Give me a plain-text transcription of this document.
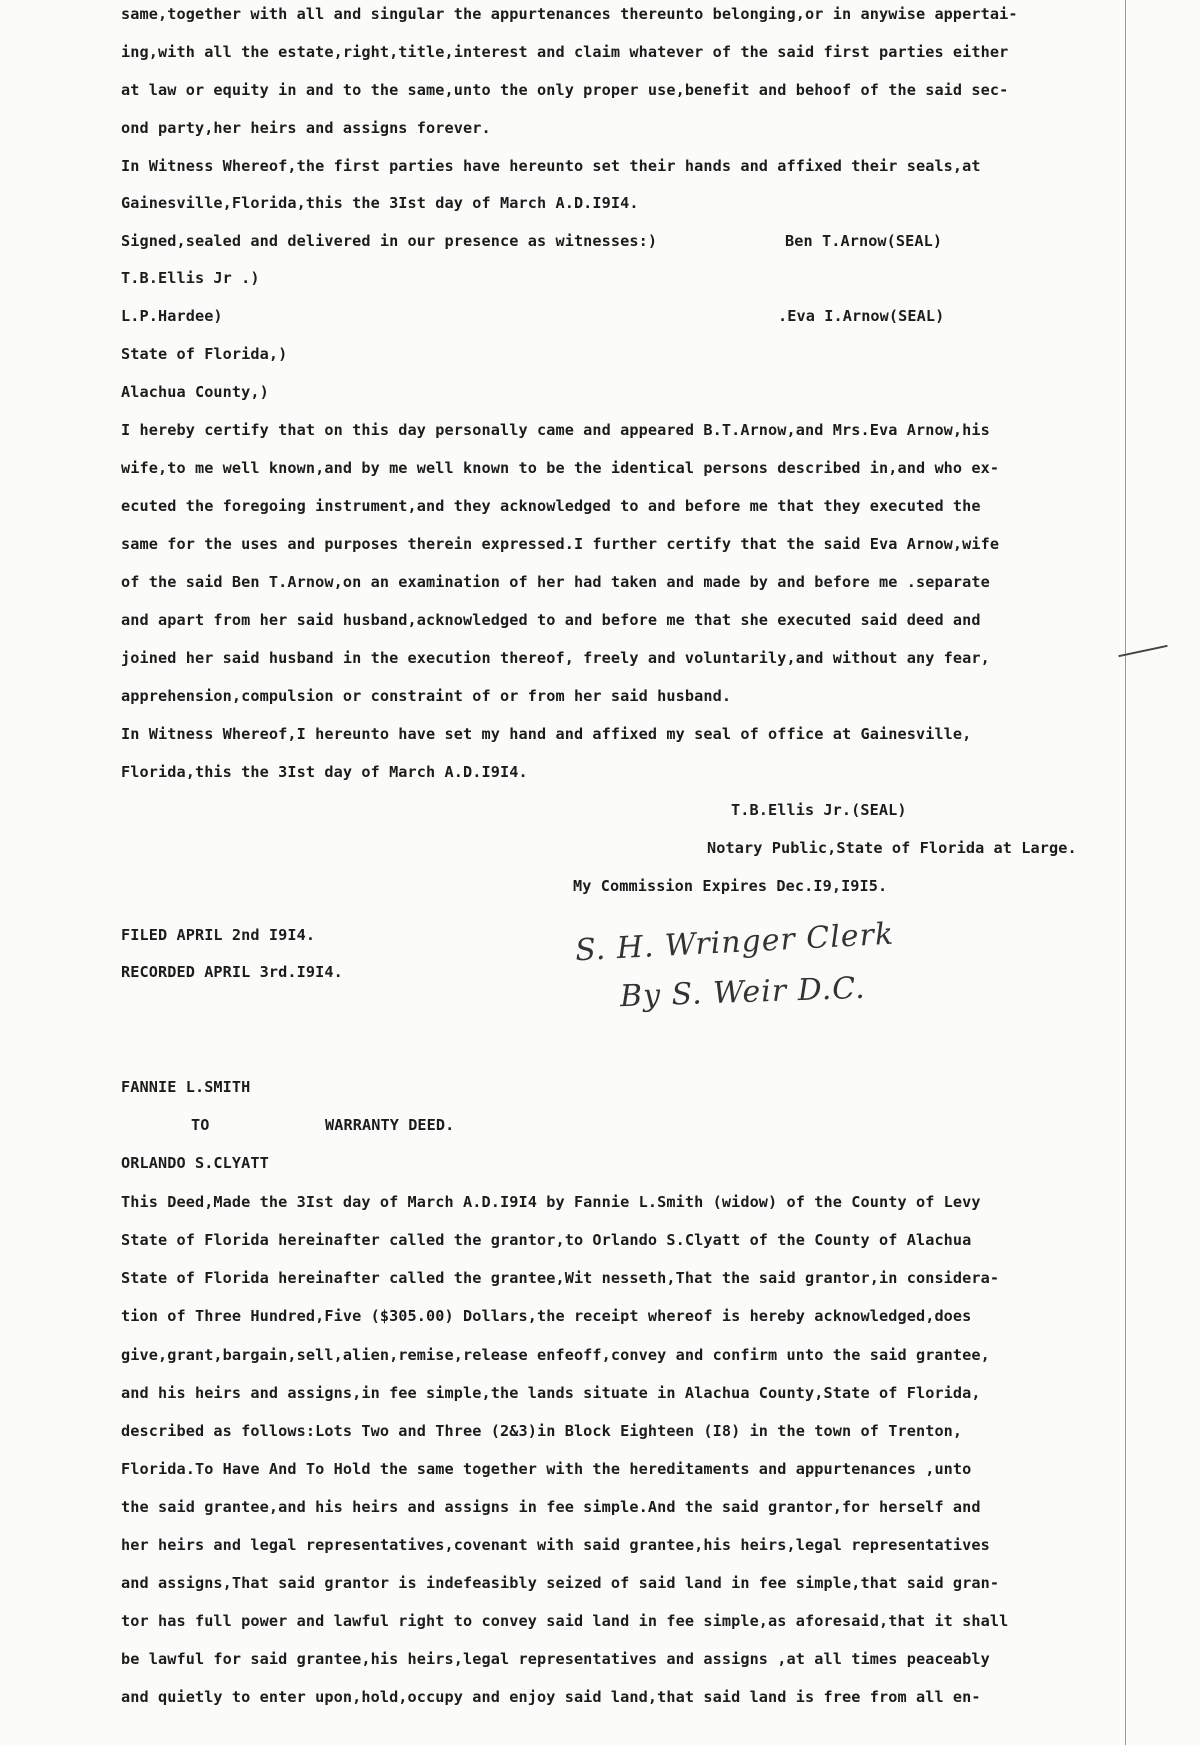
same,together with all and singular the appurtenances thereunto belonging,or in anywise appertai-
ing,with all the estate,right,title,interest and claim whatever of the said first parties either
at law or equity in and to the same,unto the only proper use,benefit and behoof of the said sec-
ond party,her heirs and assigns forever.
In Witness Whereof,the first parties have hereunto set their hands and affixed their seals,at
Gainesville,Florida,this the 3Ist day of March A.D.I9I4.
Signed,sealed and delivered in our presence as witnesses:)	Ben T.Arnow(SEAL)
T.B.Ellis Jr .)
L.P.Hardee)	.Eva I.Arnow(SEAL)
State of Florida,)
Alachua County,)
I hereby certify that on this day personally came and appeared B.T.Arnow,and Mrs.Eva Arnow,his
wife,to me well known,and by me well known to be the identical persons described in,and who ex-
ecuted the foregoing instrument,and they acknowledged to and before me that they executed the
same for the uses and purposes therein expressed.I further certify that the said Eva Arnow,wife
of the said Ben T.Arnow,on an examination of her had taken and made by and before me .separate
and apart from her said husband,acknowledged to and before me that she executed said deed and
joined her said husband in the execution thereof, freely and voluntarily,and without any fear,
apprehension,compulsion or constraint of or from her said husband.
In Witness Whereof,I hereunto have set my hand and affixed my seal of office at Gainesville,
Florida,this the 3Ist day of March A.D.I9I4.
T.B.Ellis Jr.(SEAL)
Notary Public,State of Florida at Large.
My Commission Expires Dec.I9,I9I5.
FILED APRIL 2nd I9I4.
RECORDED APRIL 3rd.I9I4.
S. H. Wringer Clerk
By S. Weir D.C.
FANNIE L.SMITH
TO	WARRANTY DEED.
ORLANDO S.CLYATT
This Deed,Made the 3Ist day of March A.D.I9I4 by Fannie L.Smith (widow) of the County of Levy
State of Florida hereinafter called the grantor,to Orlando S.Clyatt of the County of Alachua
State of Florida hereinafter called the grantee,Wit nesseth,That the said grantor,in considera-
tion of Three Hundred,Five ($305.00) Dollars,the receipt whereof is hereby acknowledged,does
give,grant,bargain,sell,alien,remise,release enfeoff,convey and confirm unto the said grantee,
and his heirs and assigns,in fee simple,the lands situate in Alachua County,State of Florida,
described as follows:Lots Two and Three (2&3)in Block Eighteen (I8) in the town of Trenton,
Florida.To Have And To Hold the same together with the hereditaments and appurtenances ,unto
the said grantee,and his heirs and assigns in fee simple.And the said grantor,for herself and
her heirs and legal representatives,covenant with said grantee,his heirs,legal representatives
and assigns,That said grantor is indefeasibly seized of said land in fee simple,that said gran-
tor has full power and lawful right to convey said land in fee simple,as aforesaid,that it shall
be lawful for said grantee,his heirs,legal representatives and assigns ,at all times peaceably
and quietly to enter upon,hold,occupy and enjoy said land,that said land is free from all en-
